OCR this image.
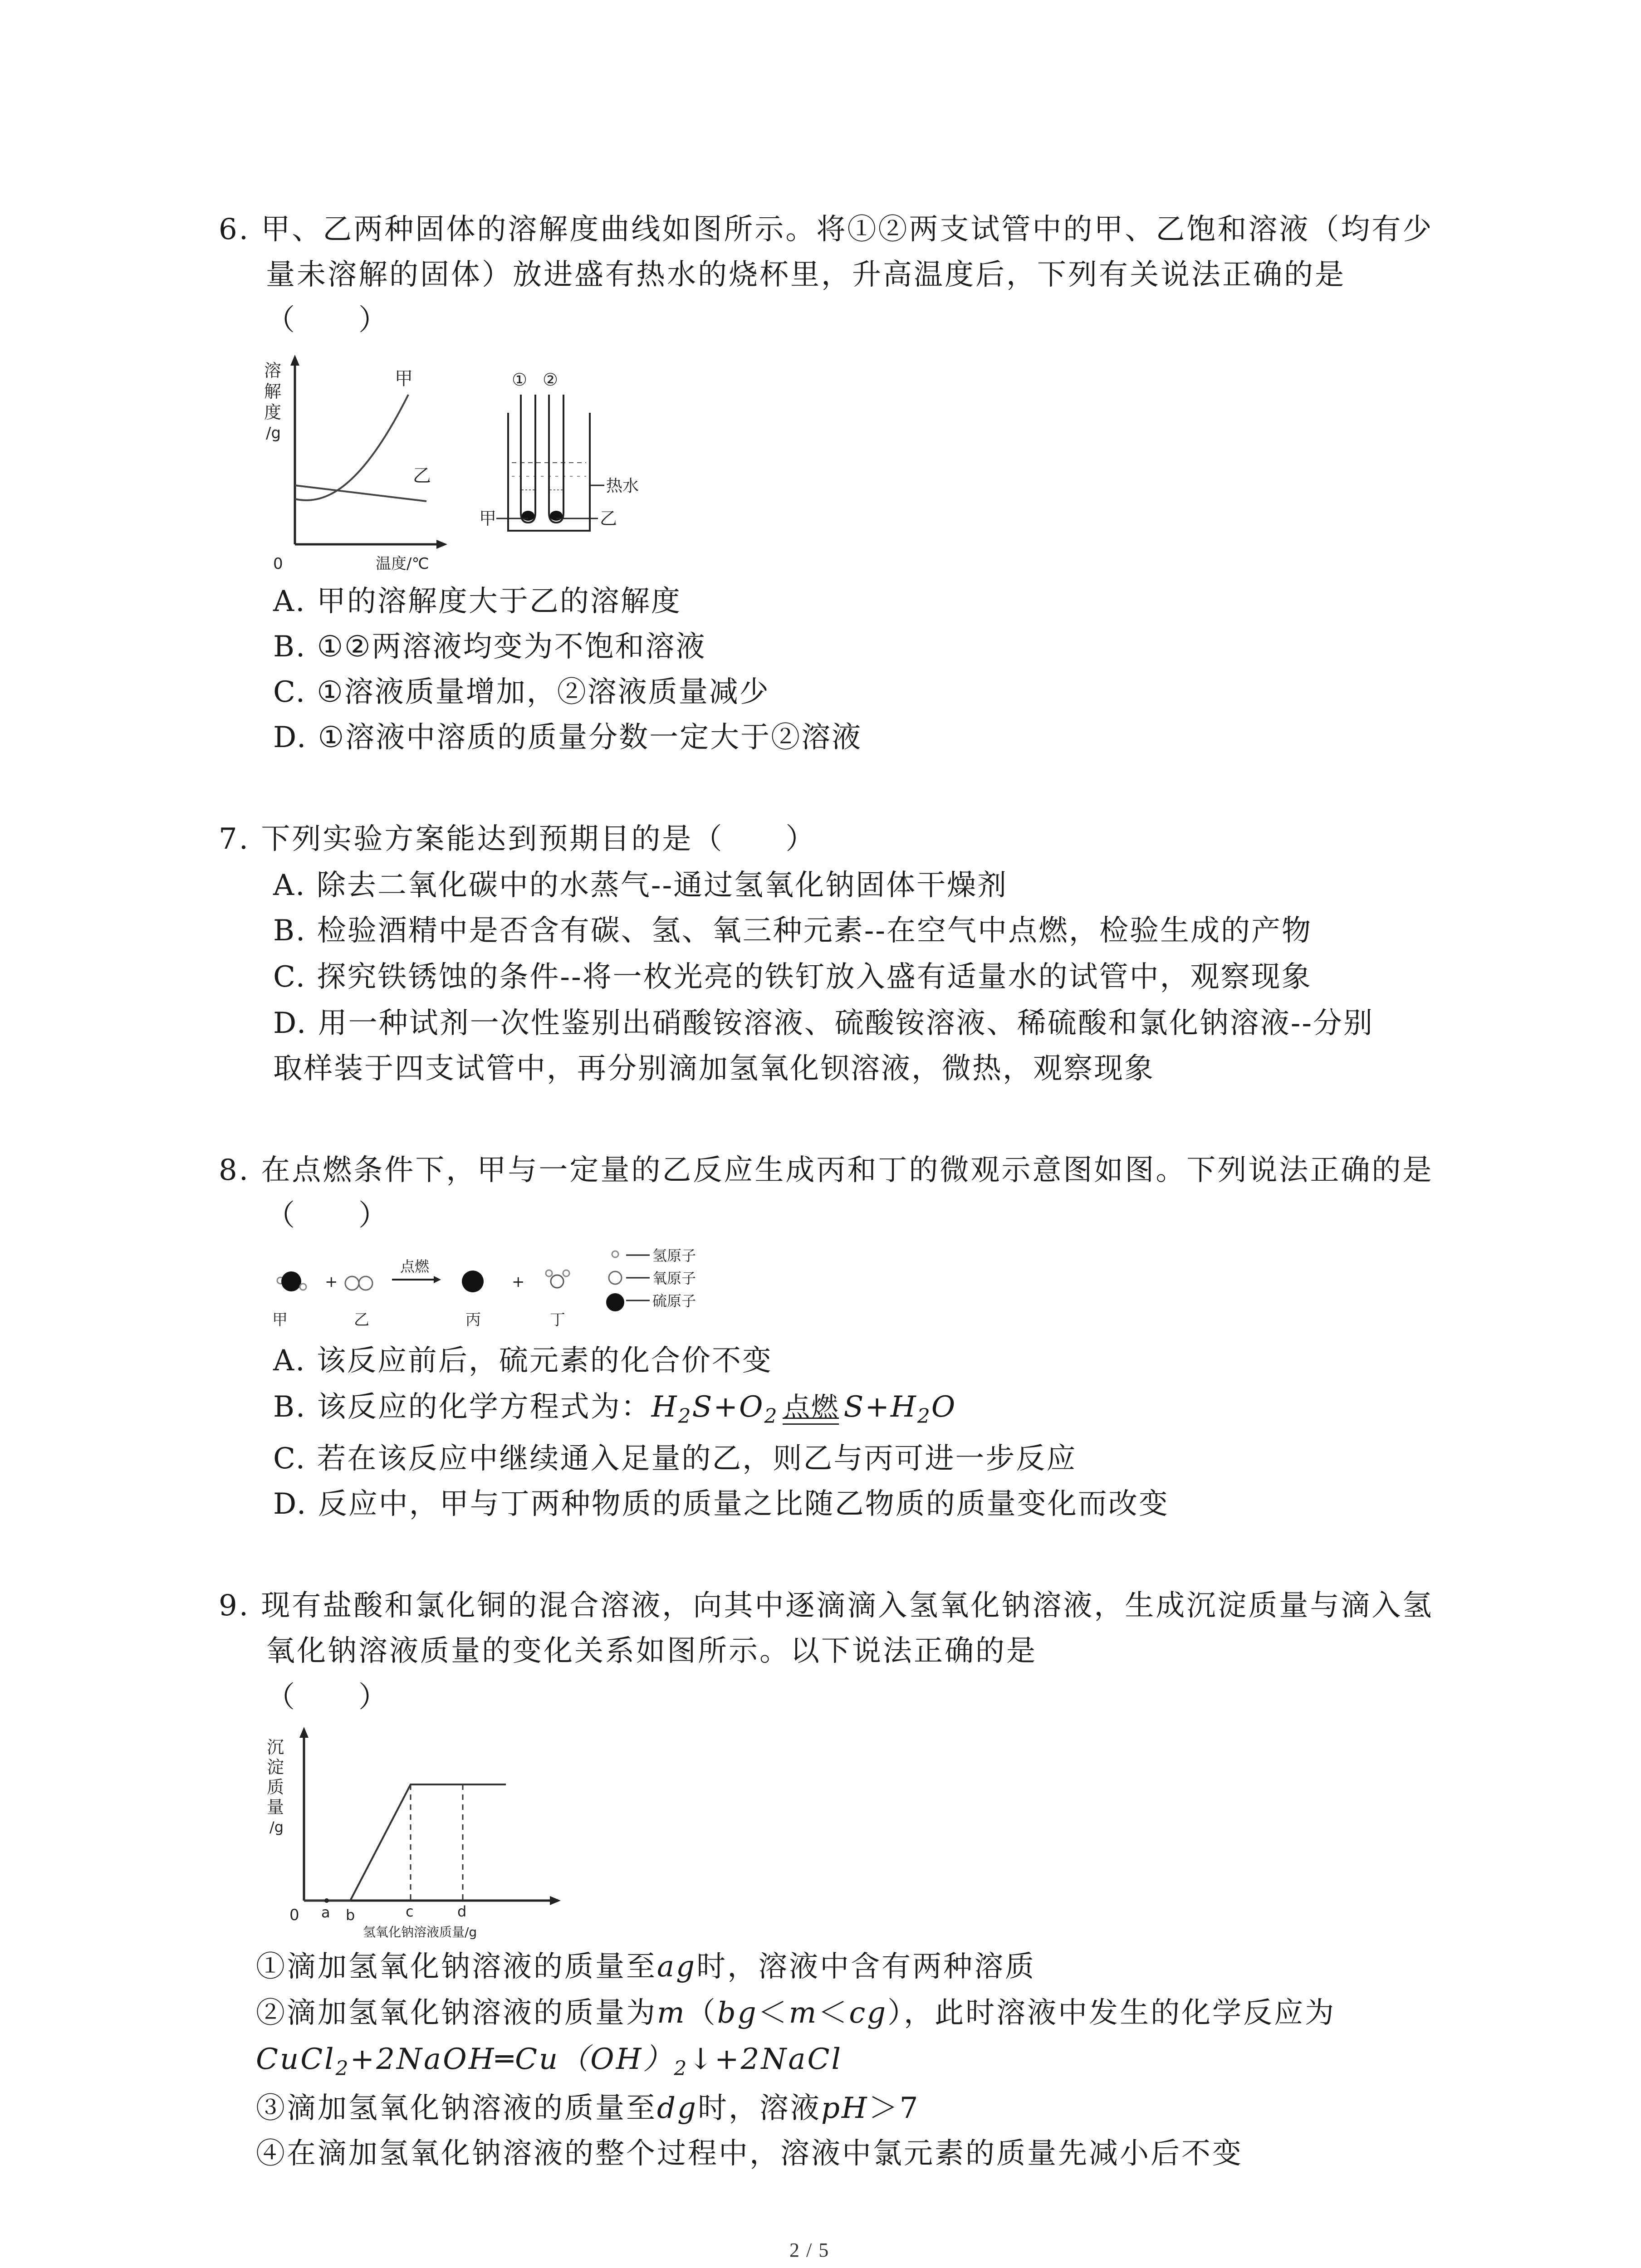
6. 甲、乙两种固体的溶解度曲线如图所示。将①②两支试管中的甲、乙饱和溶液（均有少
量未溶解的固体）放进盛有热水的烧杯里，升高温度后，下列有关说法正确的是
（　　）
溶
解
度
/g
甲
乙
0	温度/℃
① ②
热水
甲	乙
A. 甲的溶解度大于乙的溶解度
B. ①②两溶液均变为不饱和溶液
C. ①溶液质量增加，②溶液质量减少
D. ①溶液中溶质的质量分数一定大于②溶液
7. 下列实验方案能达到预期目的是（　　）
A. 除去二氧化碳中的水蒸气--通过氢氧化钠固体干燥剂
B. 检验酒精中是否含有碳、氢、氧三种元素--在空气中点燃，检验生成的产物
C. 探究铁锈蚀的条件--将一枚光亮的铁钉放入盛有适量水的试管中，观察现象
D. 用一种试剂一次性鉴别出硝酸铵溶液、硫酸铵溶液、稀硫酸和氯化钠溶液--分别
取样装于四支试管中，再分别滴加氢氧化钡溶液，微热，观察现象
8. 在点燃条件下，甲与一定量的乙反应生成丙和丁的微观示意图如图。下列说法正确的是
（　　）
+
点燃
+
甲	乙	丙	丁
氢原子
氧原子
硫原子
A. 该反应前后，硫元素的化合价不变
B. 该反应的化学方程式为：$H_2S+O_2$ 点燃 $S+H_2O$
C. 若在该反应中继续通入足量的乙，则乙与丙可进一步反应
D. 反应中，甲与丁两种物质的质量之比随乙物质的质量变化而改变
9. 现有盐酸和氯化铜的混合溶液，向其中逐滴滴入氢氧化钠溶液，生成沉淀质量与滴入氢
氧化钠溶液质量的变化关系如图所示。以下说法正确的是
（　　）
沉
淀
质
量
/g
0 a b	c	d
氢氧化钠溶液质量/g
①滴加氢氧化钠溶液的质量至ag时，溶液中含有两种溶质
②滴加氢氧化钠溶液的质量为m（bg＜m＜cg），此时溶液中发生的化学反应为
$CuCl_2+2NaOH═Cu(OH)_2↓+2NaCl$
③滴加氢氧化钠溶液的质量至dg时，溶液pH＞7
④在滴加氢氧化钠溶液的整个过程中，溶液中氯元素的质量先减小后不变
2 / 5
